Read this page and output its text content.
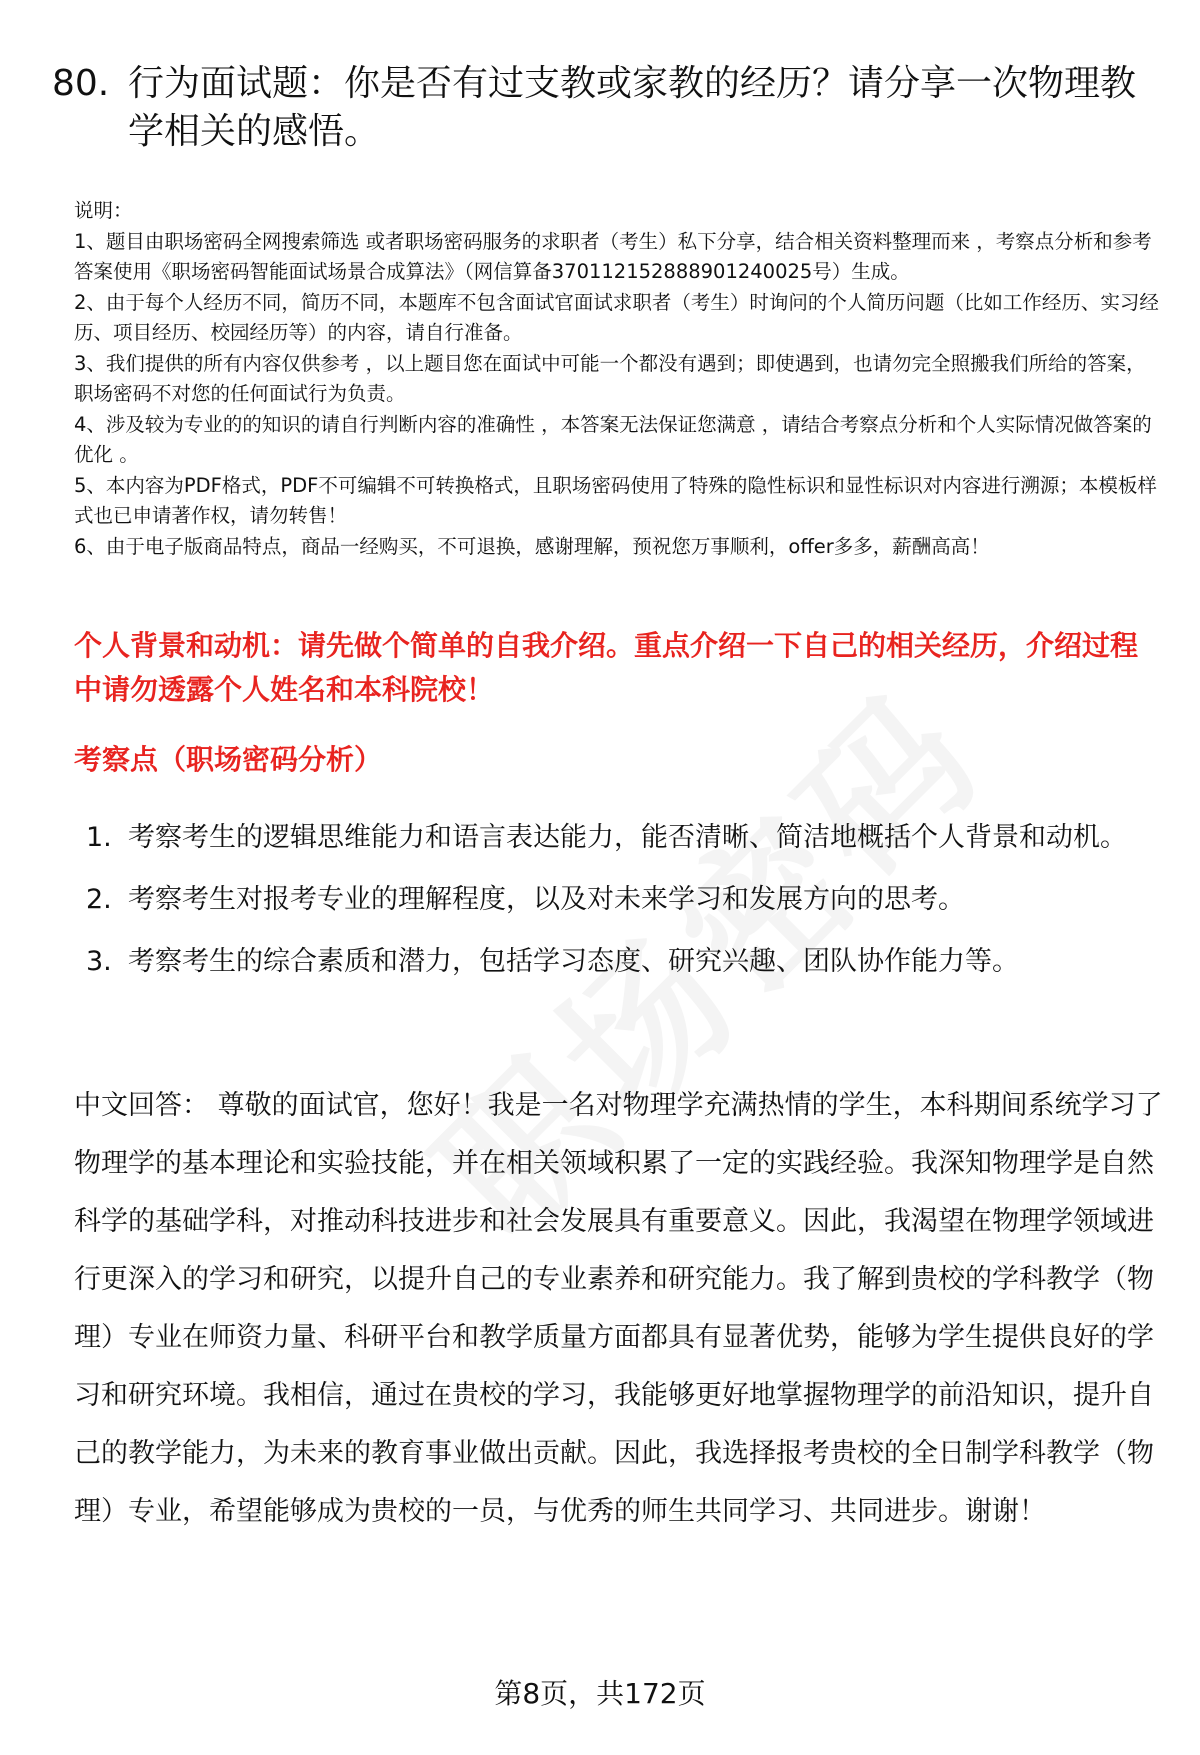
80. 行为面试题：你是否有过支教或家教的经历？请分享一次物理教学相关的感悟。
说明：
1、题目由职场密码全网搜索筛选 或者职场密码服务的求职者（考生）私下分享，结合相关资料整理而来 ，考察点分析和参考答案使用《职场密码智能面试场景合成算法》（网信算备370112152888901240025号）生成。
2、由于每个人经历不同，简历不同，本题库不包含面试官面试求职者（考生）时询问的个人简历问题（比如工作经历、实习经历、项目经历、校园经历等）的内容，请自行准备。
3、我们提供的所有内容仅供参考 ，以上题目您在面试中可能一个都没有遇到；即使遇到，也请勿完全照搬我们所给的答案，职场密码不对您的任何面试行为负责。
4、涉及较为专业的的知识的请自行判断内容的准确性 ，本答案无法保证您满意 ，请结合考察点分析和个人实际情况做答案的优化 。
5、本内容为PDF格式，PDF不可编辑不可转换格式，且职场密码使用了特殊的隐性标识和显性标识对内容进行溯源；本模板样式也已申请著作权，请勿转售！
6、由于电子版商品特点，商品一经购买，不可退换，感谢理解，预祝您万事顺利，offer多多，薪酬高高！
个人背景和动机：请先做个简单的自我介绍。重点介绍一下自己的相关经历，介绍过程中请勿透露个人姓名和本科院校！
考察点（职场密码分析）
1. 考察考生的逻辑思维能力和语言表达能力，能否清晰、简洁地概括个人背景和动机。
2. 考察考生对报考专业的理解程度，以及对未来学习和发展方向的思考。
3. 考察考生的综合素质和潜力，包括学习态度、研究兴趣、团队协作能力等。
中文回答： 尊敬的面试官，您好！我是一名对物理学充满热情的学生，本科期间系统学习了物理学的基本理论和实验技能，并在相关领域积累了一定的实践经验。我深知物理学是自然科学的基础学科，对推动科技进步和社会发展具有重要意义。因此，我渴望在物理学领域进行更深入的学习和研究，以提升自己的专业素养和研究能力。我了解到贵校的学科教学（物理）专业在师资力量、科研平台和教学质量方面都具有显著优势，能够为学生提供良好的学习和研究环境。我相信，通过在贵校的学习，我能够更好地掌握物理学的前沿知识，提升自己的教学能力，为未来的教育事业做出贡献。因此，我选择报考贵校的全日制学科教学（物理）专业，希望能够成为贵校的一员，与优秀的师生共同学习、共同进步。谢谢！
第8页，共172页
